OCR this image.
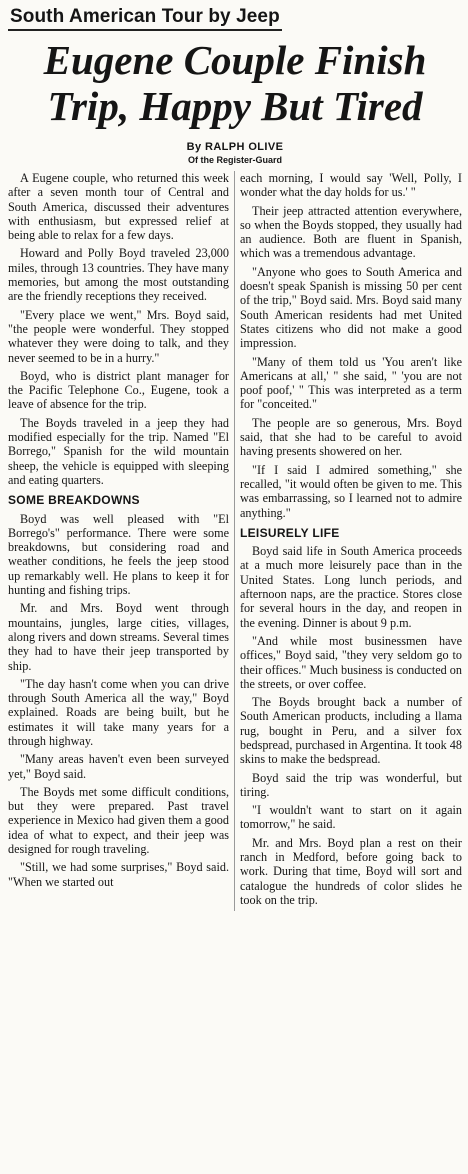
South American Tour by Jeep
Eugene Couple Finish
Trip, Happy But Tired
By RALPH OLIVE
Of the Register-Guard

A Eugene couple, who returned this week after a seven month tour of Central and South America, discussed their adventures with enthusiasm, but expressed relief at being able to relax for a few days.

Howard and Polly Boyd traveled 23,000 miles, through 13 countries. They have many memories, but among the most outstanding are the friendly receptions they received.

"Every place we went," Mrs. Boyd said, "the people were wonderful. They stopped whatever they were doing to talk, and they never seemed to be in a hurry."

Boyd, who is district plant manager for the Pacific Telephone Co., Eugene, took a leave of absence for the trip.

The Boyds traveled in a jeep they had modified especially for the trip. Named "El Borrego," Spanish for the wild mountain sheep, the vehicle is equipped with sleeping and eating quarters.

SOME BREAKDOWNS

Boyd was well pleased with "El Borrego's" performance. There were some breakdowns, but considering road and weather conditions, he feels the jeep stood up remarkably well. He plans to keep it for hunting and fishing trips.

Mr. and Mrs. Boyd went through mountains, jungles, large cities, villages, along rivers and down streams. Several times they had to have their jeep transported by ship.

"The day hasn't come when you can drive through South America all the way," Boyd explained. Roads are being built, but he estimates it will take many years for a through highway.

"Many areas haven't even been surveyed yet," Boyd said.

The Boyds met some difficult conditions, but they were prepared. Past travel experience in Mexico had given them a good idea of what to expect, and their jeep was designed for rough traveling.

"Still, we had some surprises," Boyd said. "When we started out

each morning, I would say 'Well, Polly, I wonder what the day holds for us.' "

Their jeep attracted attention everywhere, so when the Boyds stopped, they usually had an audience. Both are fluent in Spanish, which was a tremendous advantage.

"Anyone who goes to South America and doesn't speak Spanish is missing 50 per cent of the trip," Boyd said. Mrs. Boyd said many South American residents had met United States citizens who did not make a good impression.

"Many of them told us 'You aren't like Americans at all,' " she said, " 'you are not poof poof,' " This was interpreted as a term for "conceited."

The people are so generous, Mrs. Boyd said, that she had to be careful to avoid having presents showered on her.

"If I said I admired something," she recalled, "it would often be given to me. This was embarrassing, so I learned not to admire anything."

LEISURELY LIFE

Boyd said life in South America proceeds at a much more leisurely pace than in the United States. Long lunch periods, and afternoon naps, are the practice. Stores close for several hours in the day, and reopen in the evening. Dinner is about 9 p.m.

"And while most businessmen have offices," Boyd said, "they very seldom go to their offices." Much business is conducted on the streets, or over coffee.

The Boyds brought back a number of South American products, including a llama rug, bought in Peru, and a silver fox bedspread, purchased in Argentina. It took 48 skins to make the bedspread.

Boyd said the trip was wonderful, but tiring.

"I wouldn't want to start on it again tomorrow," he said.

Mr. and Mrs. Boyd plan a rest on their ranch in Medford, before going back to work. During that time, Boyd will sort and catalogue the hundreds of color slides he took on the trip.
